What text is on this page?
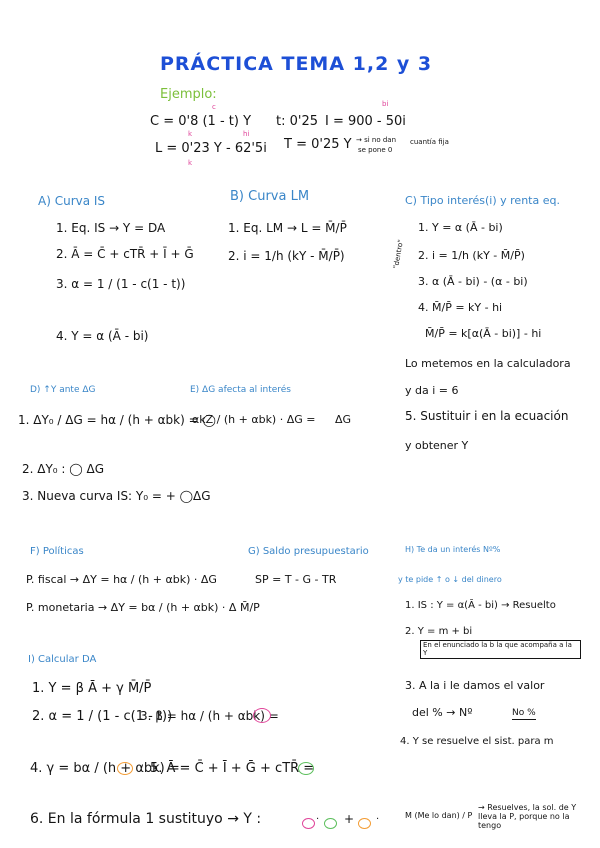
PRÁCTICA TEMA 1,2 y 3
Ejemplo:
c	bi
C = 0'8 (1 - t) Y t: 0'25 I = 900 - 50i
k	hi
L = 0'23 Y - 62'5i
k
T = 0'25 Y → si no dan
se pone 0
cuantía fija
A) Curva IS
1. Eq. IS → Y = DA
2. Ā = C̄ + cTR̄ + Ī + Ḡ
3. α = 1 / (1 - c(1 - t))
4. Y = α (Ā - bi)
B) Curva LM
1. Eq. LM → L = M̄/P̄
2. i = 1/h (kY - M̄/P̄)
C) Tipo interés(i) y renta eq.
"dentro"
1. Y = α (Ā - bi)
2. i = 1/h (kY - M̄/P̄)
3. α (Ā - bi) - (α - bi)
4. M̄/P̄ = kY - hi
M̄/P̄ = k[α(Ā - bi)] - hi
Lo metemos en la calculadora
y da i = 6
5. Sustituir i en la ecuación
y obtener Y
D) ↑Y ante ΔG
1. ΔY₀ / ΔG = hα / (h + αbk) = ◯
2. ΔY₀ : ◯ ΔG
3. Nueva curva IS: Y₀ = + ◯ΔG
E) ΔG afecta al interés
αkZ / (h + αbk) · ΔG = ΔG
F) Políticas
P. fiscal → ΔY = hα / (h + αbk) · ΔG
P. monetaria → ΔY = bα / (h + αbk) · Δ M̄/P
G) Saldo presupuestario
SP = T - G - TR
H) Te da un interés Nº%
y te pide ↑ o ↓ del dinero
1. IS : Y = α(Ā - bi) → Resuelto
2. Y = m + bi
En el enunciado la b la que acompaña a la Y
3. A la i le damos el valor
del % → Nº	No %
4. Y se resuelve el sist. para m
I) Calcular DA
1. Y = β Ā + γ M̄/P̄
2. α = 1 / (1 - c(1 - t))
3. β = hα / (h + αbk) =
4. γ = bα / (h + αbk) =
5. Ā = C̄ + Ī + Ḡ + cTR̄ =
6. En la fórmula 1 sustituyo → Y :	· + ·	M (Me lo dan) / P
→ Resuelves, la sol. de Y lleva la P, porque no la tengo
